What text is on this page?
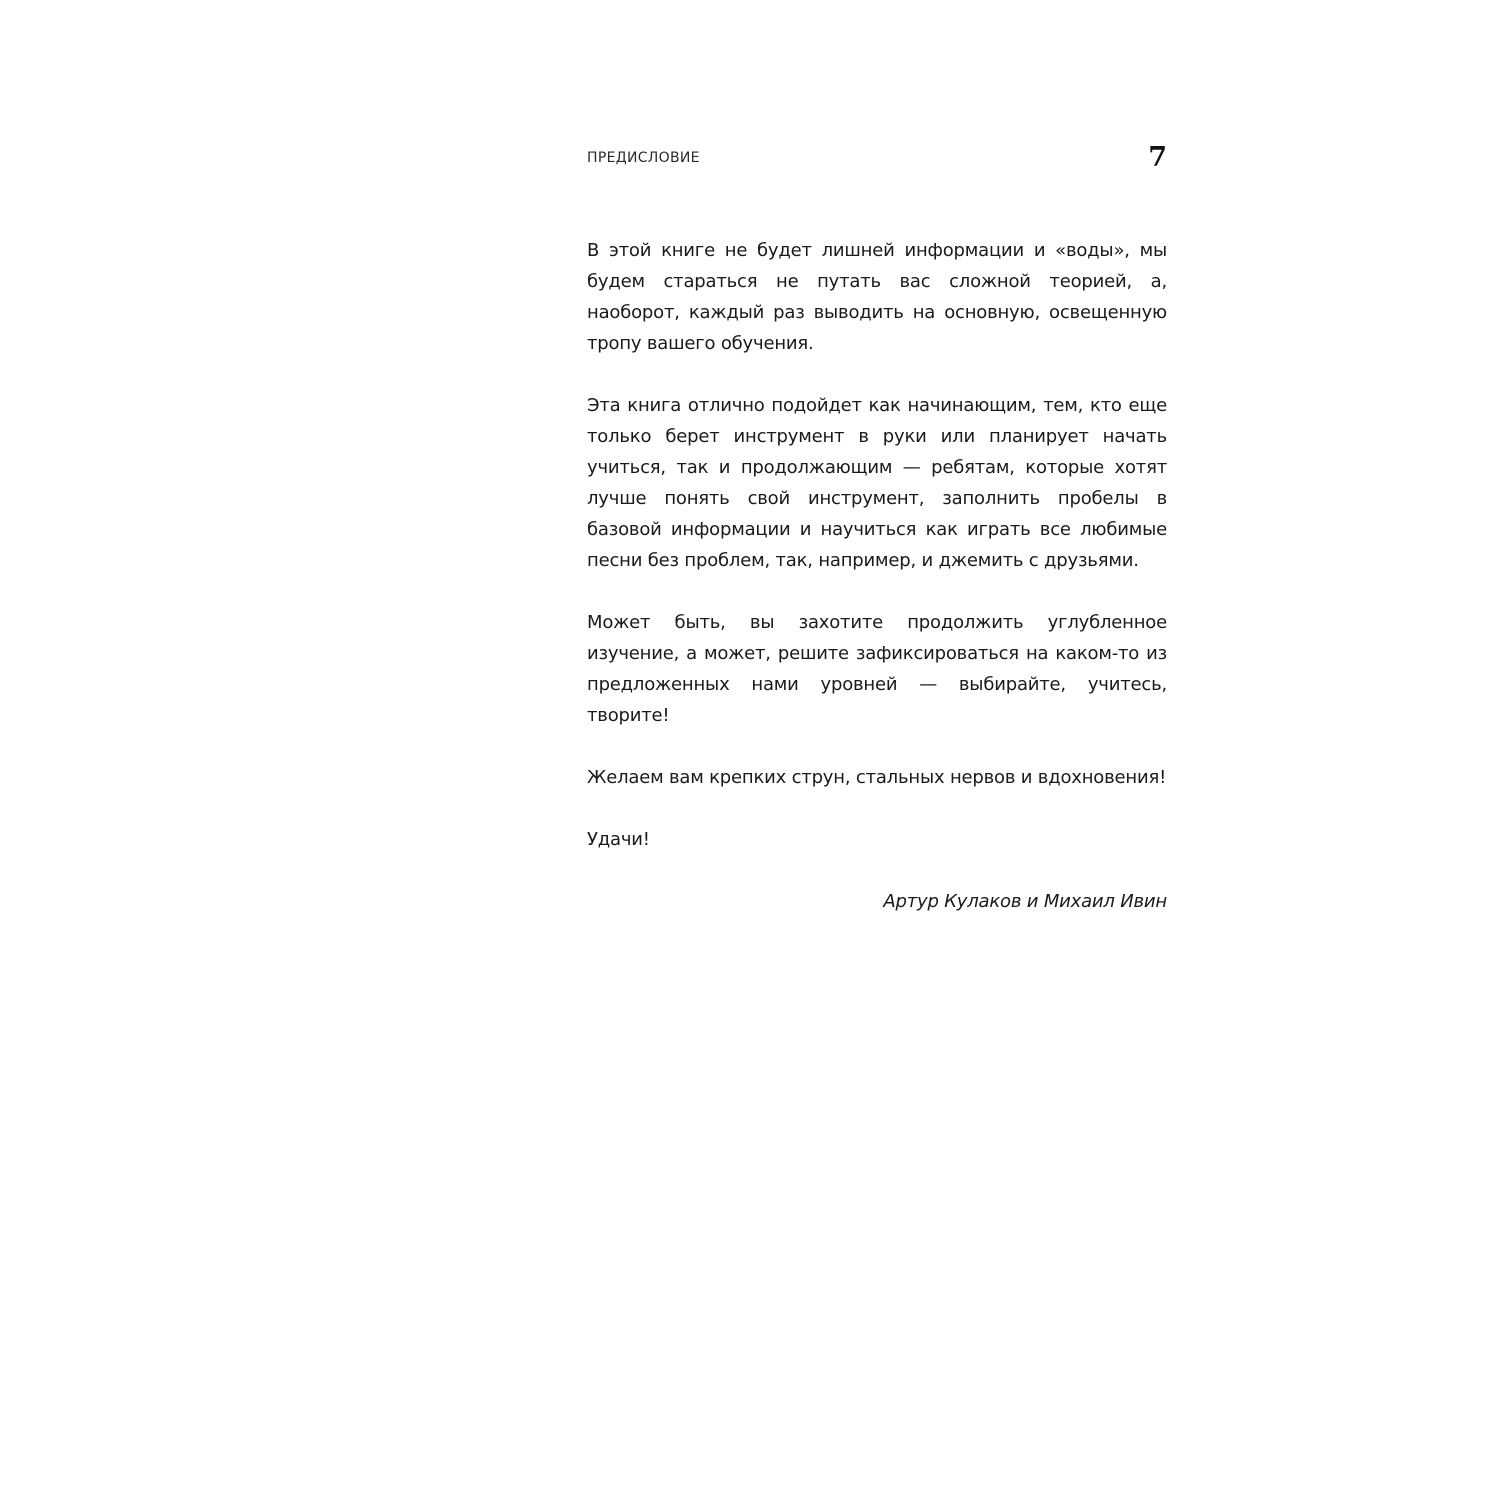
ПРЕДИСЛОВИЕ	7

В этой книге не будет лишней информации и «воды», мы будем стараться не путать вас сложной теорией, а, наоборот, каждый раз выводить на основную, освещенную тропу вашего обучения.

Эта книга отлично подойдет как начинающим, тем, кто еще только берет инструмент в руки или планирует начать учиться, так и продолжающим — ребятам, которые хотят лучше понять свой инструмент, заполнить пробелы в базовой информации и научиться как играть все любимые песни без проблем, так, например, и джемить с друзьями.

Может быть, вы захотите продолжить углубленное изучение, а может, решите зафиксироваться на каком-то из предложенных нами уровней — выбирайте, учитесь, творите!

Желаем вам крепких струн, стальных нервов и вдохновения!

Удачи!

Артур Кулаков и Михаил Ивин
